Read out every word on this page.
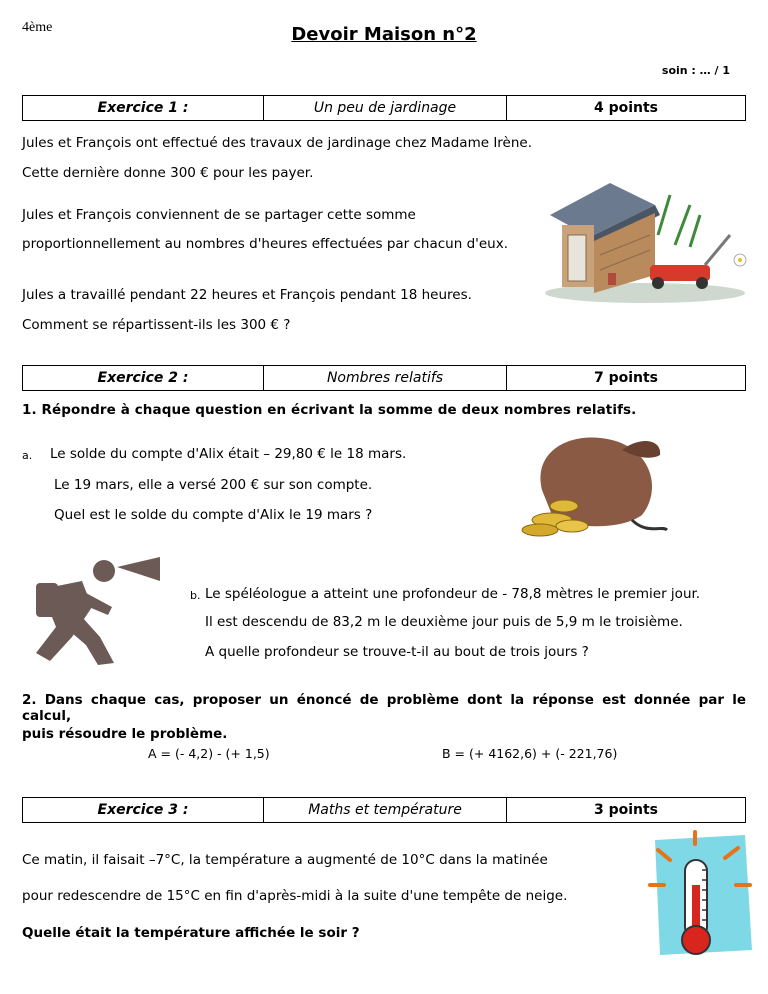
4ème	Devoir Maison n°2
soin : … / 1
Exercice 1 :	Un peu de jardinage	4 points
Jules et François ont effectué des travaux de jardinage chez Madame Irène.
Cette dernière donne 300 € pour les payer.
Jules et François conviennent de se partager cette somme
proportionnellement au nombres d'heures effectuées par chacun d'eux.
Jules a travaillé pendant 22 heures et François pendant 18 heures.
Comment se répartissent-ils les 300 € ?
Exercice 2 :	Nombres relatifs	7 points
1. Répondre à chaque question en écrivant la somme de deux nombres relatifs.
a. Le solde du compte d'Alix était – 29,80 € le 18 mars.
Le 19 mars, elle a versé 200 € sur son compte.
Quel est le solde du compte d'Alix le 19 mars ?
b. Le spéléologue a atteint une profondeur de - 78,8 mètres le premier jour.
Il est descendu de 83,2 m le deuxième jour puis de 5,9 m le troisième.
A quelle profondeur se trouve-t-il au bout de trois jours ?
2. Dans chaque cas, proposer un énoncé de problème dont la réponse est donnée par le calcul,
puis résoudre le problème.
A = (- 4,2) - (+ 1,5)	B = (+ 4162,6) + (- 221,76)
Exercice 3 :	Maths et température	3 points
Ce matin, il faisait –7°C, la température a augmenté de 10°C dans la matinée
pour redescendre de 15°C en fin d'après-midi à la suite d'une tempête de neige.
Quelle était la température affichée le soir ?
